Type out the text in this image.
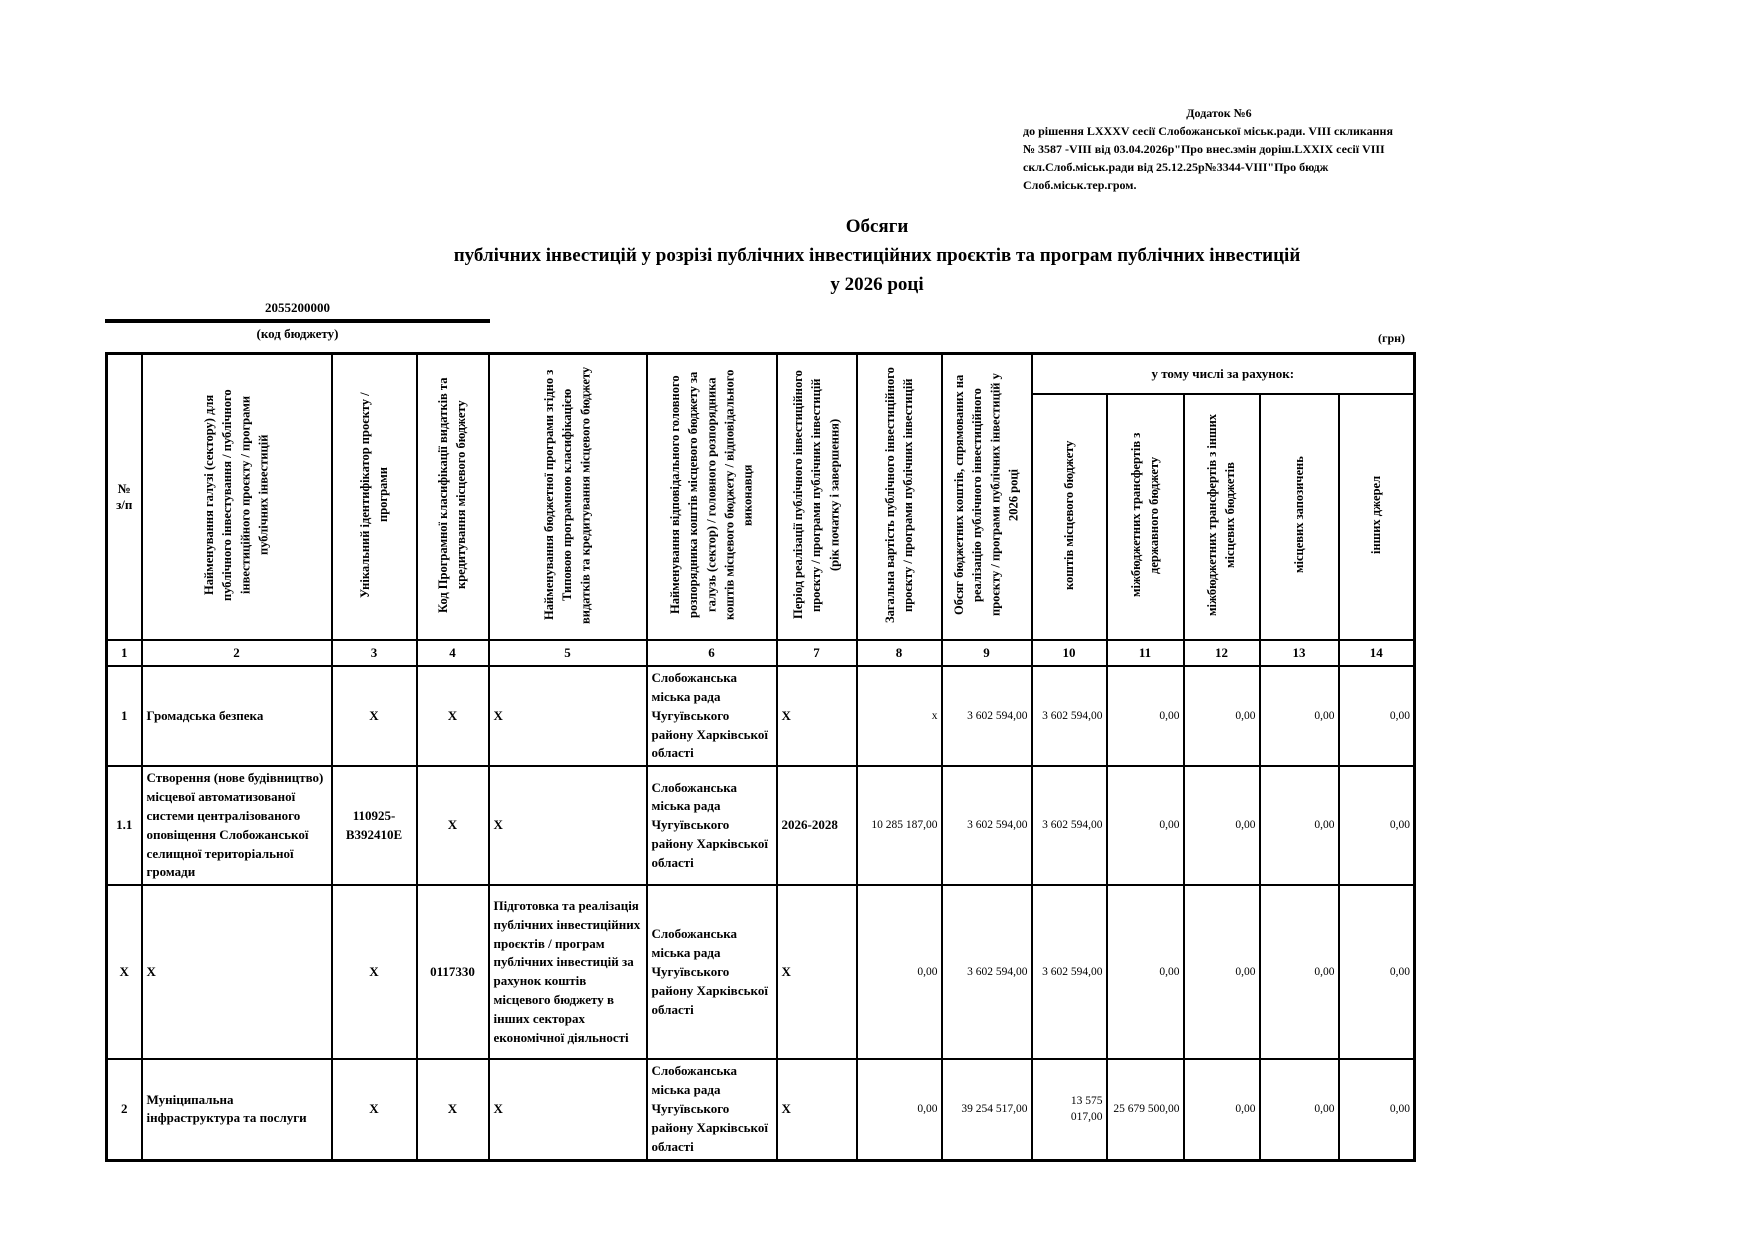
Додаток №6
до рішення LXXXV сесії Слобожанської міськ.ради. VIII скликання
№ 3587 -VIII від 03.04.2026р"Про внес.змін доріш.LXXIX сесії VIII
скл.Слоб.міськ.ради від 25.12.25р№3344-VIII"Про бюдж Слоб.міськ.тер.гром.
Обсяги
публічних інвестицій у розрізі публічних інвестиційних проєктів та програм публічних інвестицій
у 2026 році
2055200000
(код бюджету)	(грн)
№ з/п	Найменування галузі (сектору) для публічного інвестування / публічного інвестиційного проєкту / програми публічних інвестицій	Унікальний ідентифікатор проєкту / програми	Код Програмної класифікації видатків та кредитування місцевого бюджету	Найменування бюджетної програми згідно з Типовою програмною класифікацією видатків та кредитування місцевого бюджету	Найменування відповідального головного розпорядника коштів місцевого бюджету за галузь (сектор) / головного розпорядника коштів місцевого бюджету / відповідального виконавця	Період реалізації публічного інвестиційного проєкту / програми публічних інвестицій (рік початку і завершення)	Загальна вартість публічного інвестиційного проєкту / програми публічних інвестицій	Обсяг бюджетних коштів, спрямованих на реалізацію публічного інвестиційного проєкту / програми публічних інвестицій у 2026 році	у тому числі за рахунок:				
									коштів місцевого бюджету	міжбюджетних трансфертів з державного бюджету	міжбюджетних трансфертів з інших місцевих бюджетів	місцевих запозичень	інших джерел
1	2	3	4	5	6	7	8	9	10	11	12	13	14
1	Громадська безпека	X	X	X	Слобожанська міська рада Чугуївського району Харківської області	X	х	3 602 594,00	3 602 594,00	0,00	0,00	0,00	0,00
1.1	Створення (нове будівництво) місцевої автоматизованої системи централізованого оповіщення Слобожанської селищної територіальної громади	110925-В392410Е	X	X	Слобожанська міська рада Чугуївського району Харківської області	2026-2028	10 285 187,00	3 602 594,00	3 602 594,00	0,00	0,00	0,00	0,00
X	X	X	0117330	Підготовка та реалізація публічних інвестиційних проєктів / програм публічних інвестицій за рахунок коштів місцевого бюджету в інших секторах економічної діяльності	Слобожанська міська рада Чугуївського району Харківської області	X	0,00	3 602 594,00	3 602 594,00	0,00	0,00	0,00	0,00
2	Муніципальна інфраструктура та послуги	X	X	X	Слобожанська міська рада Чугуївського району Харківської області	X	0,00	39 254 517,00	13 575 017,00	25 679 500,00	0,00	0,00	0,00
